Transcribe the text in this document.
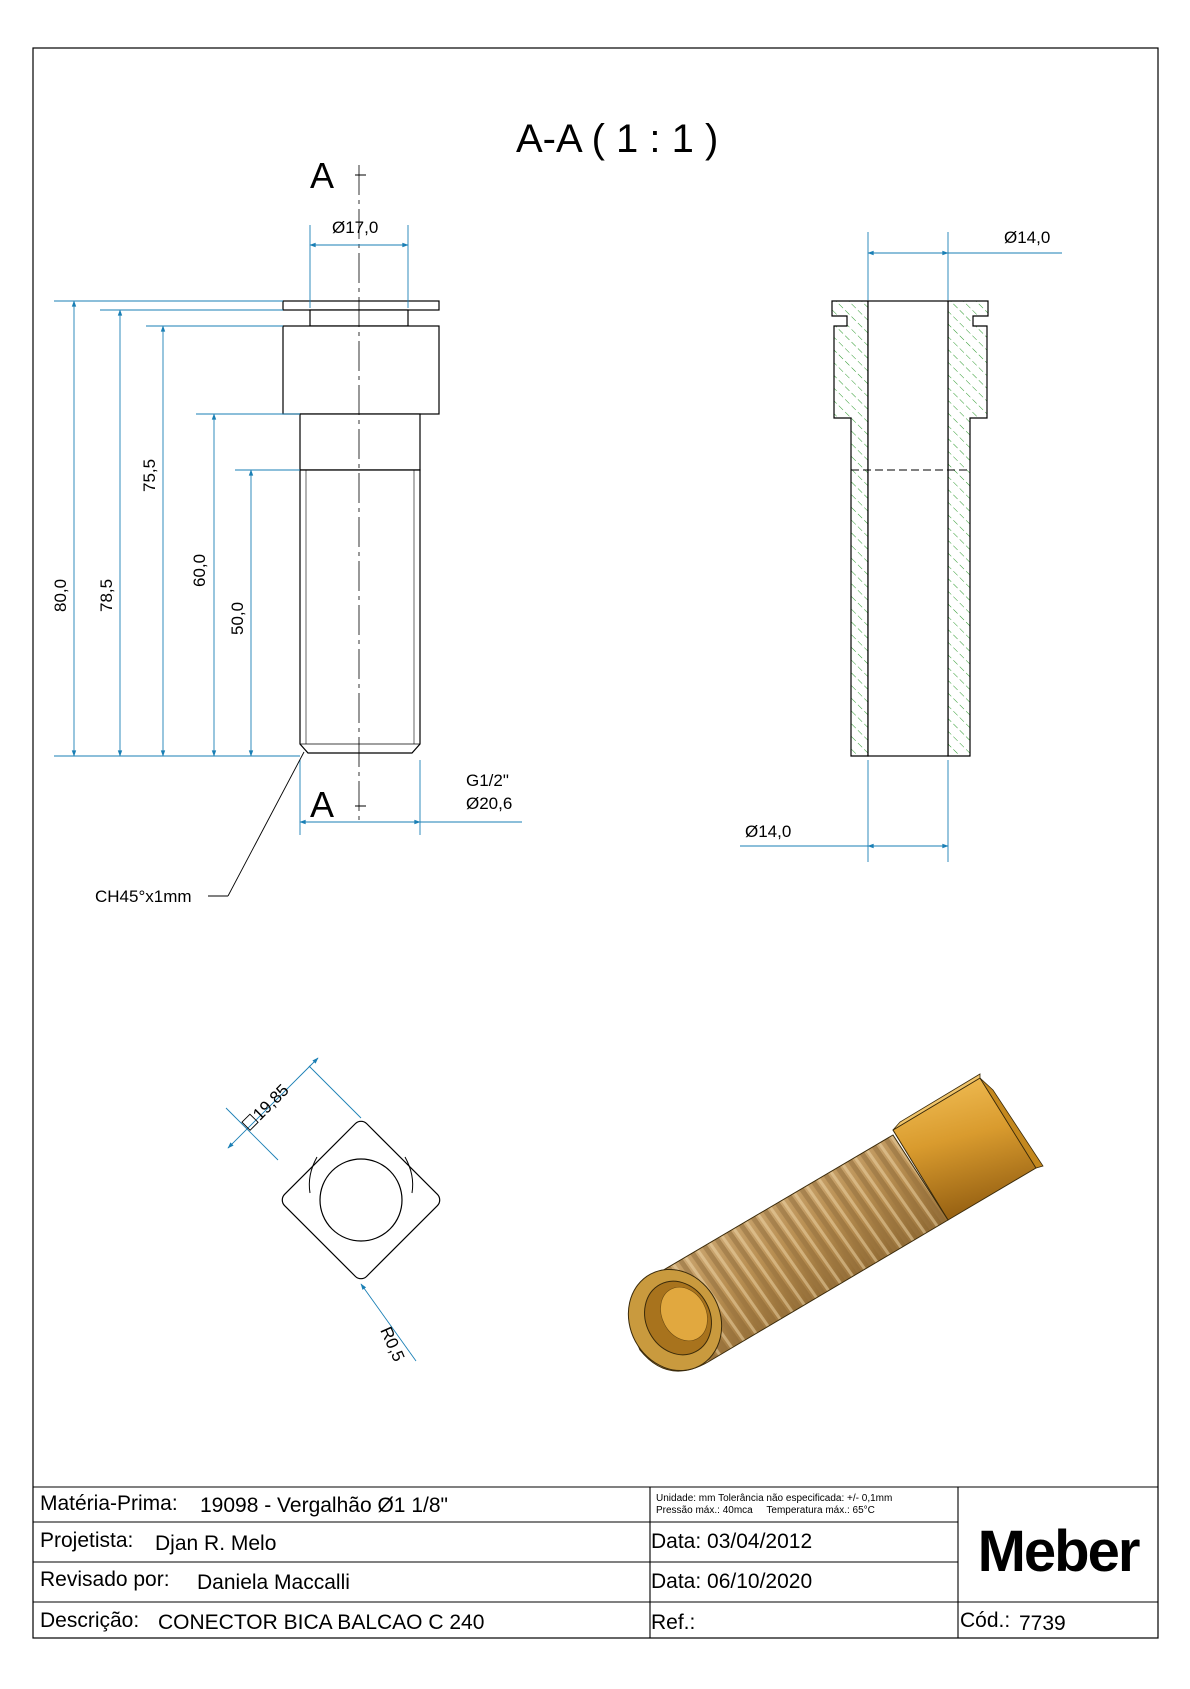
A-A ( 1 : 1 )
A
A
Ø17,0
80,0 78,5
75,5
60,0
50,0
G1/2"
Ø20,6
CH45°x1mm
Ø14,0
Ø14,0
☐19,85
R0,5
Matéria-Prima: 19098 - Vergalhão Ø1 1/8"	Unidade: mm Tolerância não especificada: +/- 0,1mm
Pressão máx.: 40mca     Temperatura máx.: 65°C
Projetista: Djan R. Melo	Data: 03/04/2012
Revisado por: Daniela Maccalli	Data: 06/10/2020
Descrição: CONECTOR BICA BALCAO C 240	Ref.:
Meber
Cód.: 7739
